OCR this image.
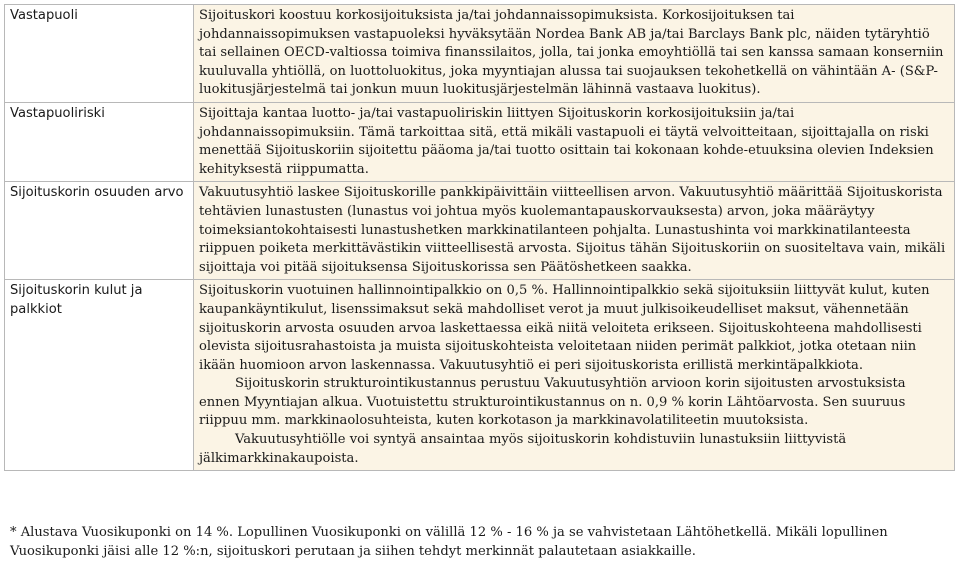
Vastapuoli	Sijoituskori koostuu korkosijoituksista ja/tai johdannaissopimuksista. Korkosijoituksen tai johdannaissopimuksen vastapuoleksi hyväksytään Nordea Bank AB ja/tai Barclays Bank plc, näiden tytäryhtiö tai sellainen OECD-valtiossa toimiva finanssilaitos, jolla, tai jonka emoyhtiöllä tai sen kanssa samaan konserniin kuuluvalla yhtiöllä, on luottoluokitus, joka myyntiajan alussa tai suojauksen tekohetkellä on vähintään A- (S&P-luokitusjärjestelmä tai jonkun muun luokitusjärjestelmän lähinnä vastaava luokitus).

Vastapuoliriski	Sijoittaja kantaa luotto- ja/tai vastapuoliriskin liittyen Sijoituskorin korkosijoituksiin ja/tai johdannaissopimuksiin. Tämä tarkoittaa sitä, että mikäli vastapuoli ei täytä velvoitteitaan, sijoittajalla on riski menettää Sijoituskoriin sijoitettu pääoma ja/tai tuotto osittain tai kokonaan kohde-etuuksina olevien Indeksien kehityksestä riippumatta.

Sijoituskorin osuuden arvo	Vakuutusyhtiö laskee Sijoituskorille pankkipäivittäin viitteellisen arvon. Vakuutusyhtiö määrittää Sijoituskorista tehtävien lunastusten (lunastus voi johtua myös kuolemantapauskorvauksesta) arvon, joka määräytyy toimeksiantokohtaisesti lunastushetken markkinatilanteen pohjalta. Lunastushinta voi markkinatilanteesta riippuen poiketa merkittävästikin viitteellisestä arvosta. Sijoitus tähän Sijoituskoriin on suositeltava vain, mikäli sijoittaja voi pitää sijoituksensa Sijoituskorissa sen Päätöshetkeen saakka.

Sijoituskorin kulut ja palkkiot	Sijoituskorin vuotuinen hallinnointipalkkio on 0,5 %. Hallinnointipalkkio sekä sijoituksiin liittyvät kulut, kuten kaupankäyntikulut, lisenssimaksut sekä mahdolliset verot ja muut julkisoikeudelliset maksut, vähennetään sijoituskorin arvosta osuuden arvoa laskettaessa eikä niitä veloiteta erikseen. Sijoituskohteena mahdollisesti olevista sijoitusrahastoista ja muista sijoituskohteista veloitetaan niiden perimät palkkiot, jotka otetaan niin ikään huomioon arvon laskennassa. Vakuutusyhtiö ei peri sijoituskorista erillistä merkintäpalkkiota.

Sijoituskorin strukturointikustannus perustuu Vakuutusyhtiön arvioon korin sijoitusten arvostuksista ennen Myyntiajan alkua. Vuotuistettu strukturointikustannus on n. 0,9 % korin Lähtöarvosta. Sen suuruus riippuu mm. markkinaolosuhteista, kuten korkotason ja markkinavolatiliteetin muutoksista.

Vakuutusyhtiölle voi syntyä ansaintaa myös sijoituskorin kohdistuviin lunastuksiin liittyvistä jälkimarkkinakaupoista.

* Alustava Vuosikuponki on 14 %. Lopullinen Vuosikuponki on välillä 12 % - 16 % ja se vahvistetaan Lähtöhetkellä. Mikäli lopullinen Vuosikuponki jäisi alle 12 %:n, sijoituskori perutaan ja siihen tehdyt merkinnät palautetaan asiakkaille.
